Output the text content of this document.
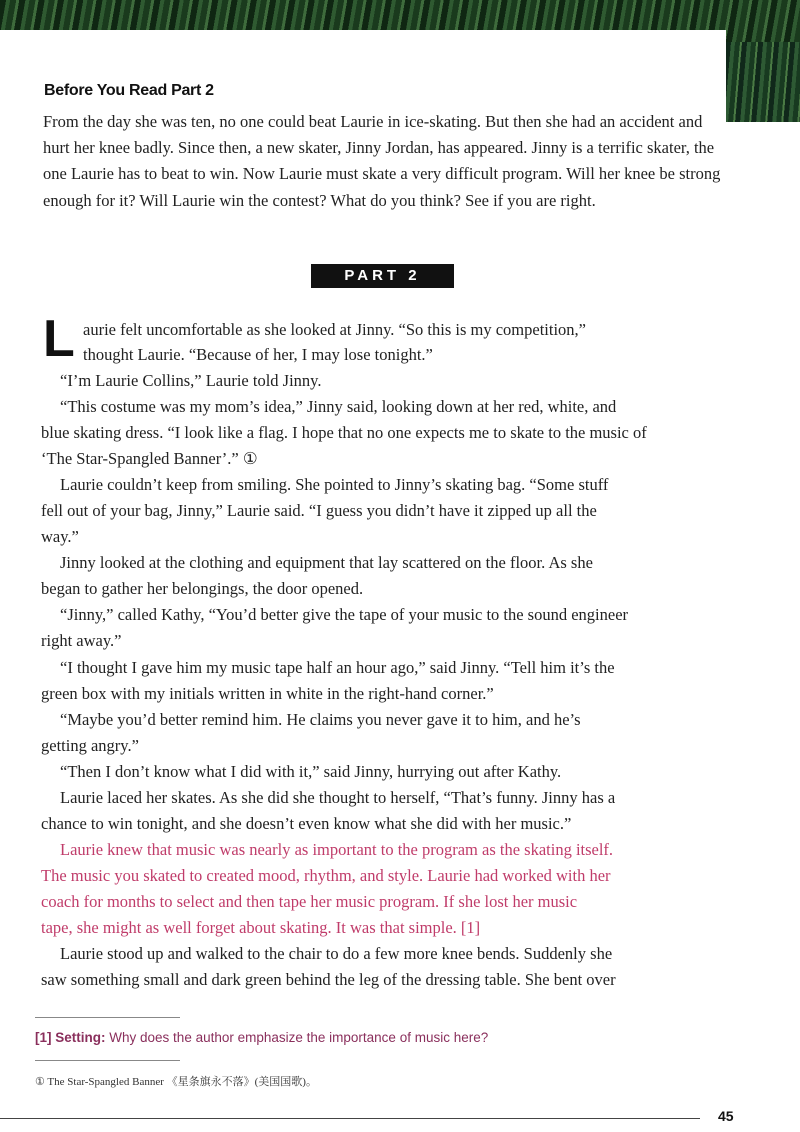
Before You Read Part 2

From the day she was ten, no one could beat Laurie in ice-skating. But then she had an accident and hurt her knee badly. Since then, a new skater, Jinny Jordan, has appeared. Jinny is a terrific skater, the one Laurie has to beat to win. Now Laurie must skate a very difficult program. Will her knee be strong enough for it? Will Laurie win the contest? What do you think? See if you are right.

PART 2
L aurie felt uncomfortable as she looked at Jinny. “So this is my competition,”

thought Laurie. “Because of her, I may lose tonight.”

“I’m Laurie Collins,” Laurie told Jinny.

“This costume was my mom’s idea,” Jinny said, looking down at her red, white, and

blue skating dress. “I look like a flag. I hope that no one expects me to skate to the music of

‘The Star-Spangled Banner’.” ①

Laurie couldn’t keep from smiling. She pointed to Jinny’s skating bag. “Some stuff

fell out of your bag, Jinny,” Laurie said. “I guess you didn’t have it zipped up all the

way.”

Jinny looked at the clothing and equipment that lay scattered on the floor. As she

began to gather her belongings, the door opened.

“Jinny,” called Kathy, “You’d better give the tape of your music to the sound engineer

right away.”

“I thought I gave him my music tape half an hour ago,” said Jinny. “Tell him it’s the

green box with my initials written in white in the right-hand corner.”

“Maybe you’d better remind him. He claims you never gave it to him, and he’s

getting angry.”

“Then I don’t know what I did with it,” said Jinny, hurrying out after Kathy.

Laurie laced her skates. As she did she thought to herself, “That’s funny. Jinny has a

chance to win tonight, and she doesn’t even know what she did with her music.”

Laurie knew that music was nearly as important to the program as the skating itself.

The music you skated to created mood, rhythm, and style. Laurie had worked with her

coach for months to select and then tape her music program. If she lost her music

tape, she might as well forget about skating. It was that simple. [1]

Laurie stood up and walked to the chair to do a few more knee bends. Suddenly she

saw something small and dark green behind the leg of the dressing table. She bent over

[1] Setting: Why does the author emphasize the importance of music here?
① The Star-Spangled Banner 《星条旗永不落》(美国国歌)。
45
